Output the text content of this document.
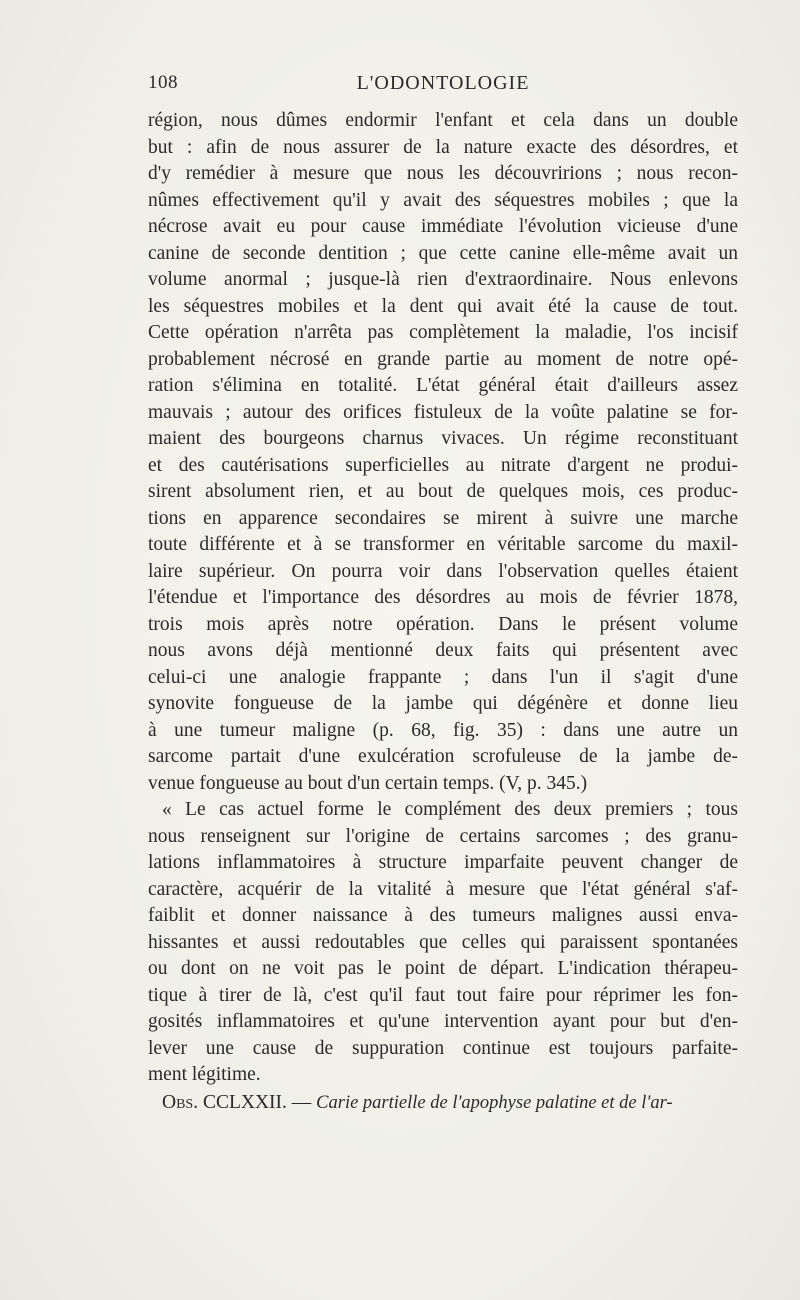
108	L'ODONTOLOGIE
région, nous dûmes endormir l'enfant et cela dans un double
but : afin de nous assurer de la nature exacte des désordres, et
d'y remédier à mesure que nous les découvririons ; nous recon-
nûmes effectivement qu'il y avait des séquestres mobiles ; que la
nécrose avait eu pour cause immédiate l'évolution vicieuse d'une
canine de seconde dentition ; que cette canine elle-même avait un
volume anormal ; jusque-là rien d'extraordinaire. Nous enlevons
les séquestres mobiles et la dent qui avait été la cause de tout.
Cette opération n'arrêta pas complètement la maladie, l'os incisif
probablement nécrosé en grande partie au moment de notre opé-
ration s'élimina en totalité. L'état général était d'ailleurs assez
mauvais ; autour des orifices fistuleux de la voûte palatine se for-
maient des bourgeons charnus vivaces. Un régime reconstituant
et des cautérisations superficielles au nitrate d'argent ne produi-
sirent absolument rien, et au bout de quelques mois, ces produc-
tions en apparence secondaires se mirent à suivre une marche
toute différente et à se transformer en véritable sarcome du maxil-
laire supérieur. On pourra voir dans l'observation quelles étaient
l'étendue et l'importance des désordres au mois de février 1878,
trois mois après notre opération. Dans le présent volume
nous avons déjà mentionné deux faits qui présentent avec
celui-ci une analogie frappante ; dans l'un il s'agit d'une
synovite fongueuse de la jambe qui dégénère et donne lieu
à une tumeur maligne (p. 68, fig. 35) : dans une autre un
sarcome partait d'une exulcération scrofuleuse de la jambe de-
venue fongueuse au bout d'un certain temps. (V, p. 345.)
« Le cas actuel forme le complément des deux premiers ; tous
nous renseignent sur l'origine de certains sarcomes ; des granu-
lations inflammatoires à structure imparfaite peuvent changer de
caractère, acquérir de la vitalité à mesure que l'état général s'af-
faiblit et donner naissance à des tumeurs malignes aussi enva-
hissantes et aussi redoutables que celles qui paraissent spontanées
ou dont on ne voit pas le point de départ. L'indication thérapeu-
tique à tirer de là, c'est qu'il faut tout faire pour réprimer les fon-
gosités inflammatoires et qu'une intervention ayant pour but d'en-
lever une cause de suppuration continue est toujours parfaite-
ment légitime.
Obs. CCLXXII. — Carie partielle de l'apophyse palatine et de l'ar-
